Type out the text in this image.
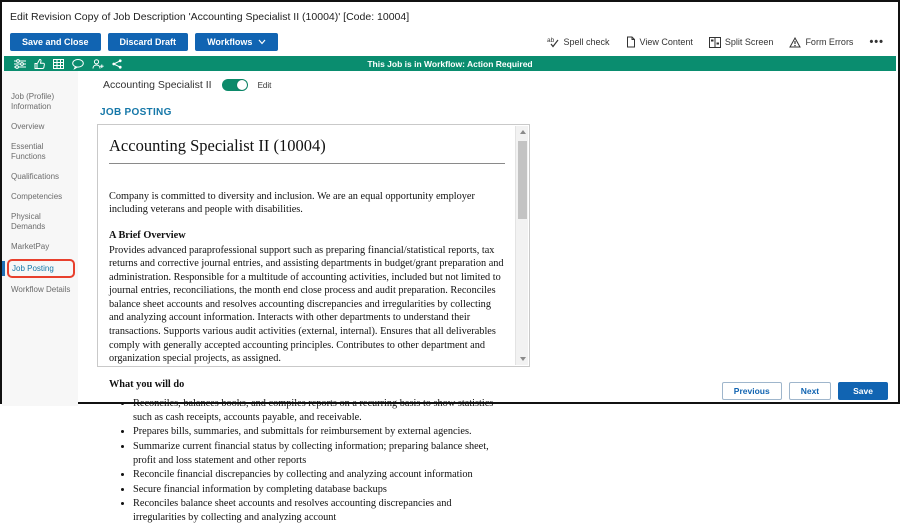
Edit Revision Copy of Job Description 'Accounting Specialist II (10004)' [Code: 10004]
Save and Close	Discard Draft	Workflows	ab Spell check	View Content	Split Screen	Form Errors •••
This Job is in Workflow: Action Required
Job (Profile) Information
Overview
Essential Functions
Qualifications
Competencies
Physical Demands
MarketPay
Job Posting
Workflow Details
Accounting Specialist II	Edit
JOB POSTING
Accounting Specialist II (10004)

Company is committed to diversity and inclusion. We are an equal opportunity employer including veterans and people with disabilities.

A Brief Overview
Provides advanced paraprofessional support such as preparing financial/statistical reports, tax returns and corrective journal entries, and assisting departments in budget/grant preparation and administration. Responsible for a multitude of accounting activities, included but not limited to journal entries, reconciliations, the month end close process and audit preparation. Reconciles balance sheet accounts and resolves accounting discrepancies and irregularities by collecting and analyzing account information. Interacts with other departments to understand their transactions. Supports various audit activities (external, internal). Ensures that all deliverables comply with generally accepted accounting principles. Contributes to other department and organization special projects, as assigned.
What you will do
• Reconciles, balances books, and compiles reports on a recurring basis to show statistics such as cash receipts, accounts payable, and receivable.
• Prepares bills, summaries, and submittals for reimbursement by external agencies.
• Summarize current financial status by collecting information; preparing balance sheet, profit and loss statement and other reports
• Reconcile financial discrepancies by collecting and analyzing account information
• Secure financial information by completing database backups
• Reconciles balance sheet accounts and resolves accounting discrepancies and irregularities by collecting and analyzing account
Previous	Next	Save
